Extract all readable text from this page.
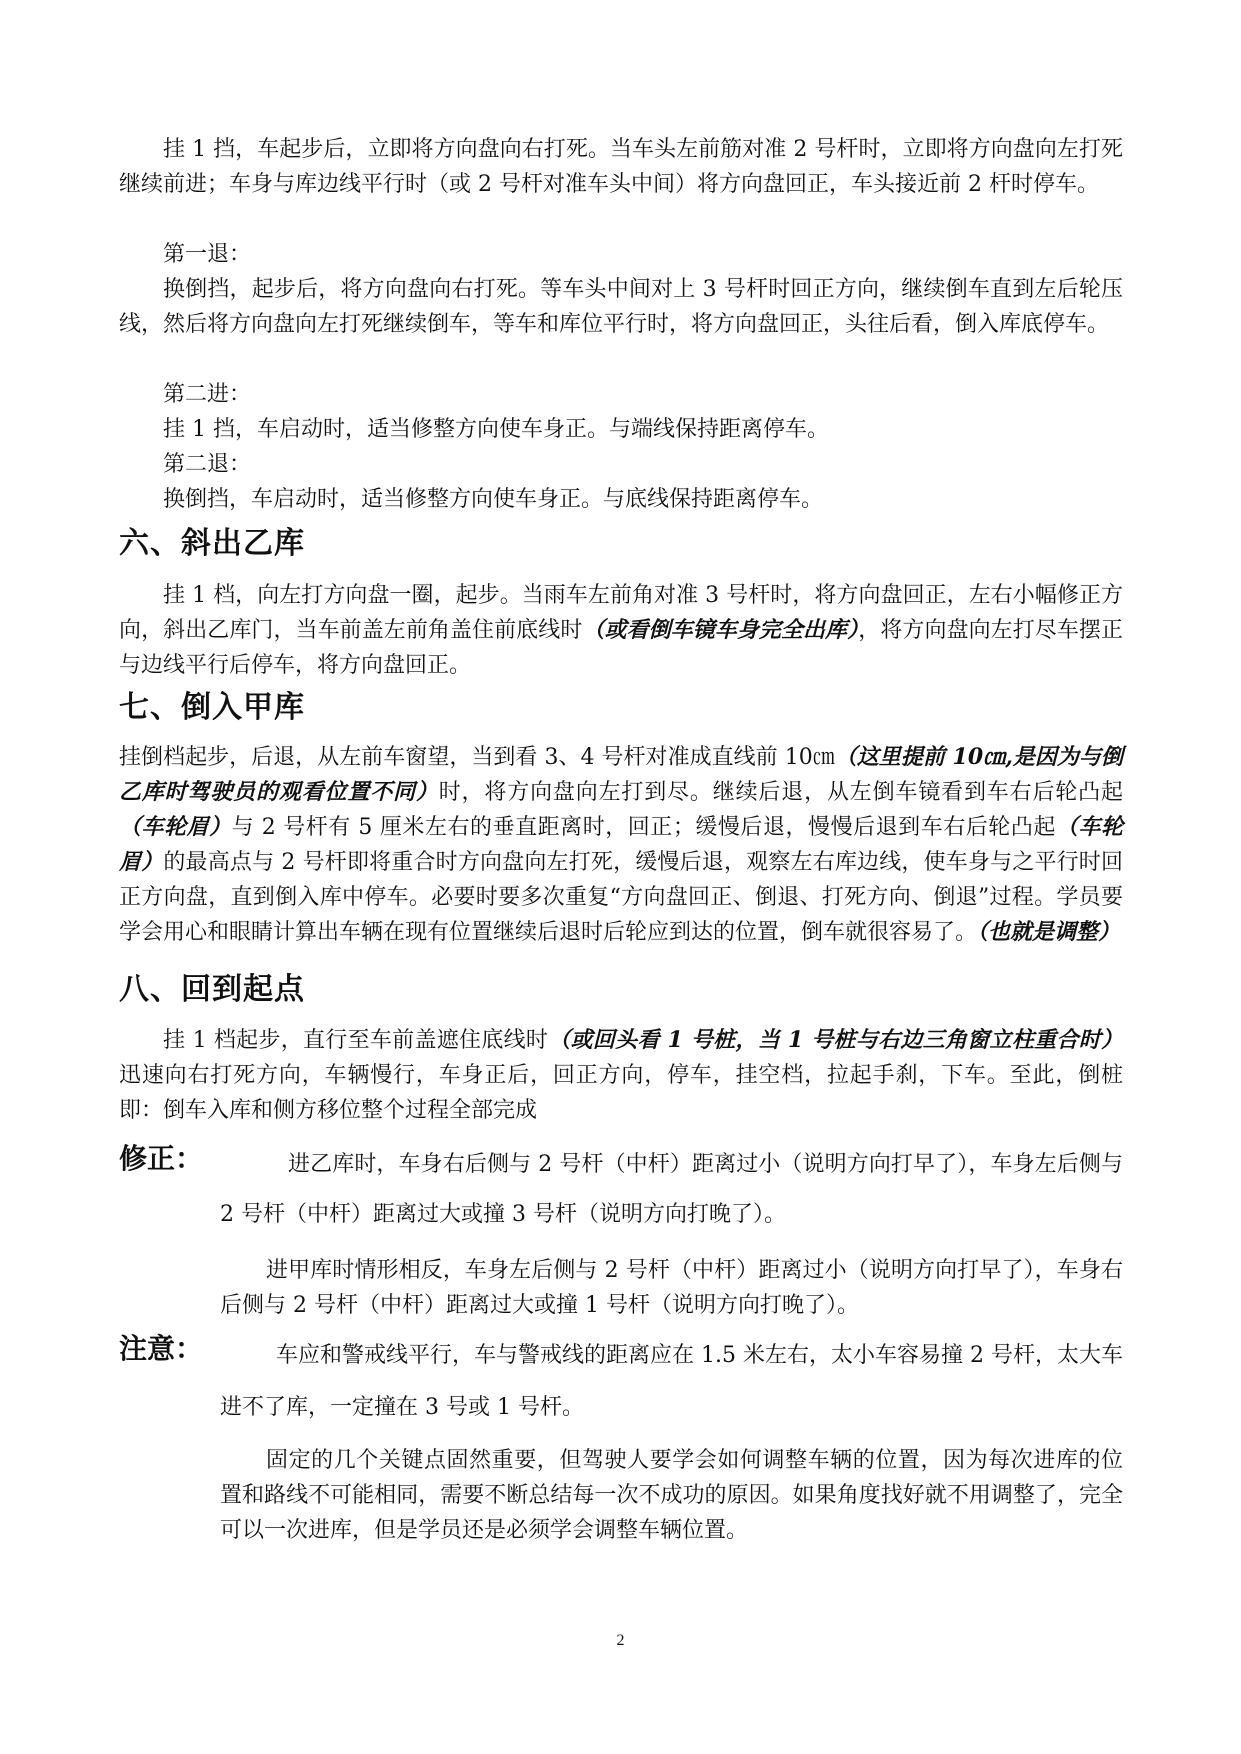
挂 1 挡，车起步后，立即将方向盘向右打死。当车头左前筋对准 2 号杆时，立即将方向盘向左打死继续前进；车身与库边线平行时（或 2 号杆对准车头中间）将方向盘回正，车头接近前 2 杆时停车。
第一退：
换倒挡，起步后，将方向盘向右打死。等车头中间对上 3 号杆时回正方向，继续倒车直到左后轮压线，然后将方向盘向左打死继续倒车，等车和库位平行时，将方向盘回正，头往后看，倒入库底停车。
第二进：
挂 1 挡，车启动时，适当修整方向使车身正。与端线保持距离停车。
第二退：
换倒挡，车启动时，适当修整方向使车身正。与底线保持距离停车。
六、斜出乙库
挂 1 档，向左打方向盘一圈，起步。当雨车左前角对准 3 号杆时，将方向盘回正，左右小幅修正方向，斜出乙库门，当车前盖左前角盖住前底线时（或看倒车镜车身完全出库），将方向盘向左打尽车摆正与边线平行后停车，将方向盘回正。
七、倒入甲库
挂倒档起步，后退，从左前车窗望，当到看 3、4 号杆对准成直线前 10㎝（这里提前 10㎝,是因为与倒乙库时驾驶员的观看位置不同）时，将方向盘向左打到尽。继续后退，从左倒车镜看到车右后轮凸起（车轮眉）与 2 号杆有 5 厘米左右的垂直距离时，回正；缓慢后退，慢慢后退到车右后轮凸起（车轮眉）的最高点与 2 号杆即将重合时方向盘向左打死，缓慢后退，观察左右库边线，使车身与之平行时回正方向盘，直到倒入库中停车。必要时要多次重复“方向盘回正、倒退、打死方向、倒退”过程。学员要学会用心和眼睛计算出车辆在现有位置继续后退时后轮应到达的位置，倒车就很容易了。（也就是调整）
八、回到起点
挂 1 档起步，直行至车前盖遮住底线时（或回头看 1 号桩，当 1 号桩与右边三角窗立柱重合时）迅速向右打死方向，车辆慢行，车身正后，回正方向，停车，挂空档，拉起手刹，下车。至此，倒桩即：倒车入库和侧方移位整个过程全部完成
修正：	进乙库时，车身右后侧与 2 号杆（中杆）距离过小（说明方向打早了），车身左后侧与 2 号杆（中杆）距离过大或撞 3 号杆（说明方向打晚了）。
进甲库时情形相反，车身左后侧与 2 号杆（中杆）距离过小（说明方向打早了），车身右后侧与 2 号杆（中杆）距离过大或撞 1 号杆（说明方向打晚了）。
注意：	车应和警戒线平行，车与警戒线的距离应在 1.5 米左右，太小车容易撞 2 号杆，太大车进不了库，一定撞在 3 号或 1 号杆。
固定的几个关键点固然重要，但驾驶人要学会如何调整车辆的位置，因为每次进库的位置和路线不可能相同，需要不断总结每一次不成功的原因。如果角度找好就不用调整了，完全可以一次进库，但是学员还是必须学会调整车辆位置。
2
